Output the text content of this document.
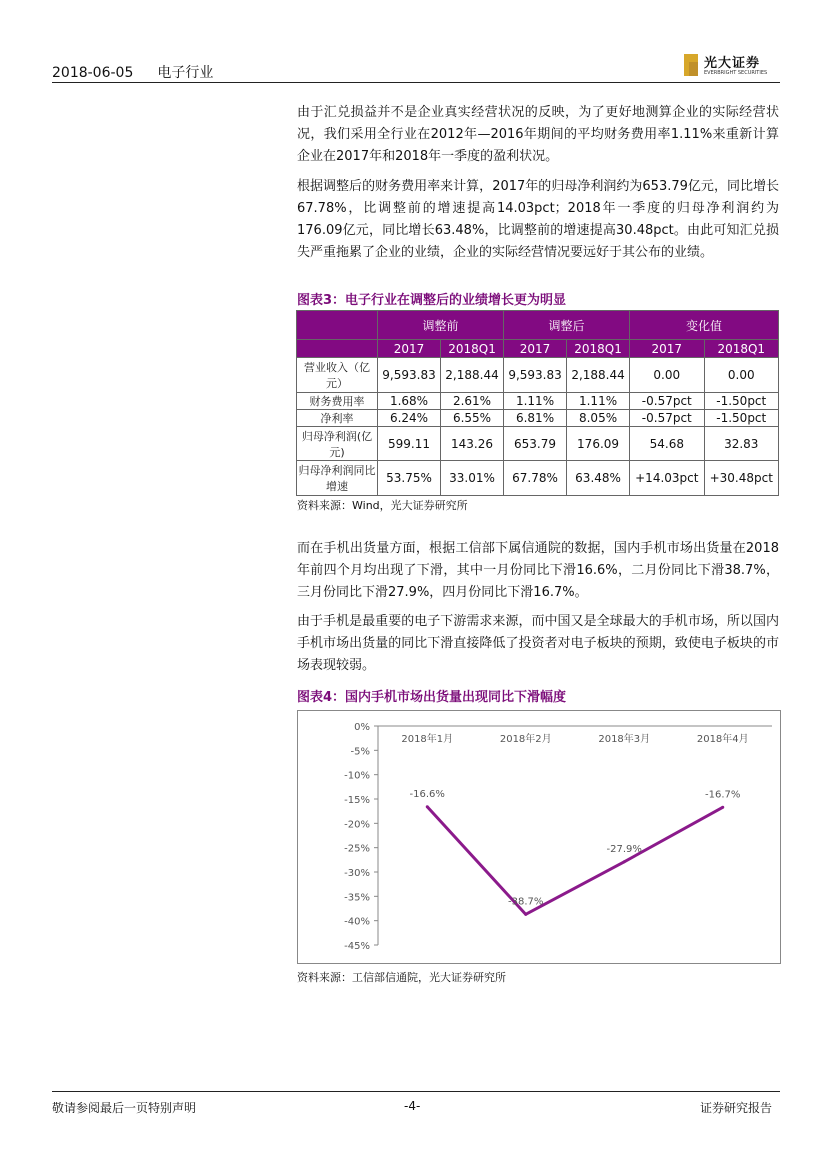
2018-06-05 电子行业
光大证券
EVERBRIGHT SECURITIES
由于汇兑损益并不是企业真实经营状况的反映，为了更好地测算企业的实际经营状况，我们采用全行业在2012年—2016年期间的平均财务费用率1.11%来重新计算企业在2017年和2018年一季度的盈利状况。
根据调整后的财务费用率来计算，2017年的归母净利润约为653.79亿元，同比增长67.78%，比调整前的增速提高14.03pct；2018年一季度的归母净利润约为176.09亿元，同比增长63.48%，比调整前的增速提高30.48pct。由此可知汇兑损失严重拖累了企业的业绩，企业的实际经营情况要远好于其公布的业绩。
图表3：电子行业在调整后的业绩增长更为明显
	调整前		调整后		变化值	
	2017	2018Q1	2017	2018Q1	2017	2018Q1
营业收入（亿元）	9,593.83	2,188.44	9,593.83	2,188.44	0.00	0.00
财务费用率	1.68%	2.61%	1.11%	1.11%	-0.57pct	-1.50pct
净利率	6.24%	6.55%	6.81%	8.05%	-0.57pct	-1.50pct
归母净利润(亿元)	599.11	143.26	653.79	176.09	54.68	32.83
归母净利润同比增速	53.75%	33.01%	67.78%	63.48%	+14.03pct	+30.48pct
资料来源：Wind，光大证券研究所
而在手机出货量方面，根据工信部下属信通院的数据，国内手机市场出货量在2018年前四个月均出现了下滑，其中一月份同比下滑16.6%，二月份同比下滑38.7%，三月份同比下滑27.9%，四月份同比下滑16.7%。
由于手机是最重要的电子下游需求来源，而中国又是全球最大的手机市场，所以国内手机市场出货量的同比下滑直接降低了投资者对电子板块的预期，致使电子板块的市场表现较弱。
图表4：国内手机市场出货量出现同比下滑幅度
0%
-5%
-10%
-15%
-20%
-25%
-30%
-35%
-40%
-45%
2018年1月	2018年2月	2018年3月	2018年4月
-16.6%
-38.7%
-27.9%
-16.7%
资料来源：工信部信通院，光大证券研究所
敬请参阅最后一页特别声明	-4-	证券研究报告
